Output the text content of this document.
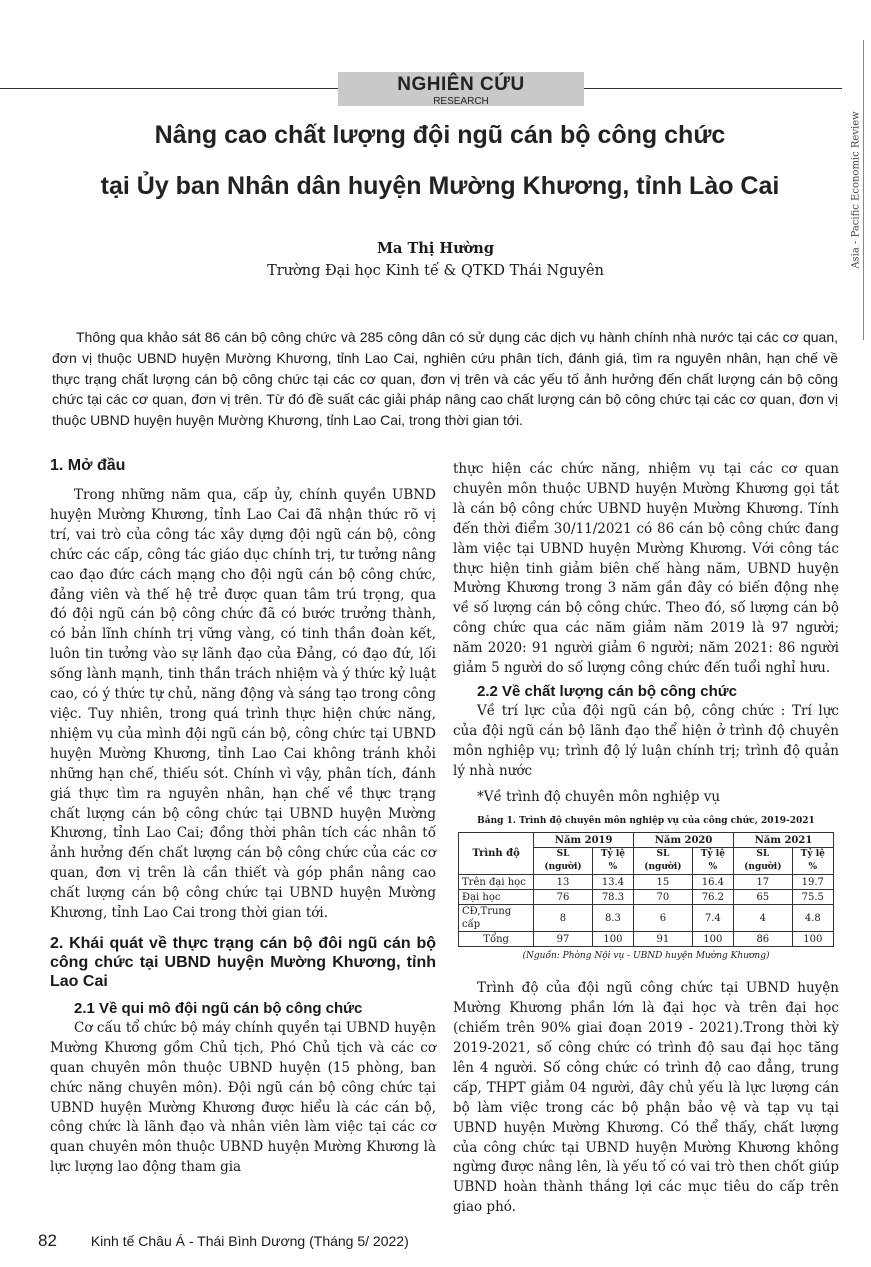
NGHIÊN CỨU
RESEARCH
Asia - Pacific Economic Review
Nâng cao chất lượng đội ngũ cán bộ công chức
tại Ủy ban Nhân dân huyện Mường Khương, tỉnh Lào Cai
Ma Thị Hường
Trường Đại học Kinh tế & QTKD Thái Nguyên
Thông qua khảo sát 86 cán bộ công chức và 285 công dân có sử dụng các dịch vụ hành chính nhà nước tại các cơ quan, đơn vị thuộc UBND huyện Mường Khương, tỉnh Lao Cai, nghiên cứu phân tích, đánh giá, tìm ra nguyên nhân, hạn chế về thực trạng chất lượng cán bộ công chức tại các cơ quan, đơn vị trên và các yếu tố ảnh hưởng đến chất lượng cán bộ công chức tại các cơ quan, đơn vị trên. Từ đó đề suất các giải pháp nâng cao chất lượng cán bộ công chức tại các cơ quan, đơn vị thuộc UBND huyện huyện Mường Khương, tỉnh Lao Cai, trong thời gian tới.
1. Mở đầu

Trong những năm qua, cấp ủy, chính quyền UBND huyện Mường Khương, tỉnh Lao Cai đã nhận thức rõ vị trí, vai trò của công tác xây dựng đội ngũ cán bộ, công chức các cấp, công tác giáo dục chính trị, tư tưởng nâng cao đạo đức cách mạng cho đội ngũ cán bộ công chức, đảng viên và thế hệ trẻ được quan tâm trú trọng, qua đó đội ngũ cán bộ công chức đã có bước trưởng thành, có bản lĩnh chính trị vững vàng, có tinh thần đoàn kết, luôn tin tưởng vào sự lãnh đạo của Đảng, có đạo đứ, lối sống lành mạnh, tinh thần trách nhiệm và ý thức kỷ luật cao, có ý thức tự chủ, năng động và sáng tạo trong công việc. Tuy nhiên, trong quá trình thực hiện chức năng, nhiệm vụ của mình đội ngũ cán bộ, công chức tại UBND huyện Mường Khương, tỉnh Lao Cai không tránh khỏi những hạn chế, thiếu sót. Chính vì vậy, phân tích, đánh giá thực tìm ra nguyên nhân, hạn chế về thực trạng chất lượng cán bộ công chức tại UBND huyện Mường Khương, tỉnh Lao Cai; đồng thời phân tích các nhân tố ảnh hưởng đến chất lượng cán bộ công chức của các cơ quan, đơn vị trên là cần thiết và góp phần nâng cao chất lượng cán bộ công chức tại UBND huyện Mường Khương, tỉnh Lao Cai trong thời gian tới.

2. Khái quát về thực trạng cán bộ đôi ngũ cán bộ công chức tại UBND huyện Mường Khương, tỉnh Lao Cai
2.1 Về qui mô đội ngũ cán bộ công chức

Cơ cấu tổ chức bộ máy chính quyền tại UBND huyện Mường Khương gồm Chủ tịch, Phó Chủ tịch và các cơ quan chuyên môn thuộc UBND huyện (15 phòng, ban chức năng chuyên môn). Đội ngũ cán bộ công chức tại UBND huyện Mường Khương được hiểu là các cán bộ, công chức là lãnh đạo và nhân viên làm việc tại các cơ quan chuyên môn thuộc UBND huyện Mường Khương là lực lượng lao động tham gia

thực hiện các chức năng, nhiệm vụ tại các cơ quan chuyên môn thuộc UBND huyện Mường Khương gọi tắt là cán bộ công chức UBND huyện Mường Khương. Tính đến thời điểm 30/11/2021 có 86 cán bộ công chức đang làm việc tại UBND huyện Mường Khương. Với công tác thực hiện tinh giảm biên chế hàng năm, UBND huyện Mường Khương trong 3 năm gần đây có biến động nhẹ về số lượng cán bộ công chức. Theo đó, số lượng cán bộ công chức qua các năm giảm năm 2019 là 97 người; năm 2020: 91 người giảm 6 người; năm 2021: 86 người giảm 5 người do số lượng công chức đến tuổi nghỉ hưu.

2.2 Về chất lượng cán bộ công chức

Về trí lực của đội ngũ cán bộ, công chức : Trí lực của đội ngũ cán bộ lãnh đạo thể hiện ở trình độ chuyên môn nghiệp vụ; trình độ lý luận chính trị; trình độ quản lý nhà nước

*Về trình độ chuyên môn nghiệp vụ

Bảng 1. Trình độ chuyên môn nghiệp vụ của công chức, 2019-2021
Trình độ	Năm 2019		Năm 2020		Năm 2021	
	SL (người)	Tỷ lệ %	SL (người)	Tỷ lệ %	SL (người)	Tỷ lệ %
Trên đại học	13	13.4	15	16.4	17	19.7
Đại học	76	78.3	70	76.2	65	75.5
CĐ,Trung cấp	8	8.3	6	7.4	4	4.8
Tổng	97	100	91	100	86	100
(Nguồn: Phòng Nội vụ - UBND huyện Mường Khương)

Trình độ của đội ngũ công chức tại UBND huyện Mường Khương phần lớn là đại học và trên đại học (chiếm trên 90% giai đoạn 2019 - 2021).Trong thời kỳ 2019-2021, số công chức có trình độ sau đại học tăng lên 4 người. Số công chức có trình độ cao đẳng, trung cấp, THPT giảm 04 người, đây chủ yếu là lực lượng cán bộ làm việc trong các bộ phận bảo vệ và tạp vụ tại UBND huyện Mường Khương. Có thể thấy, chất lượng của công chức tại UBND huyện Mường Khương không ngừng được nâng lên, là yếu tố có vai trò then chốt giúp UBND hoàn thành thắng lợi các mục tiêu do cấp trên giao phó.

82 Kinh tế Châu Á - Thái Bình Dương (Tháng 5/ 2022)
